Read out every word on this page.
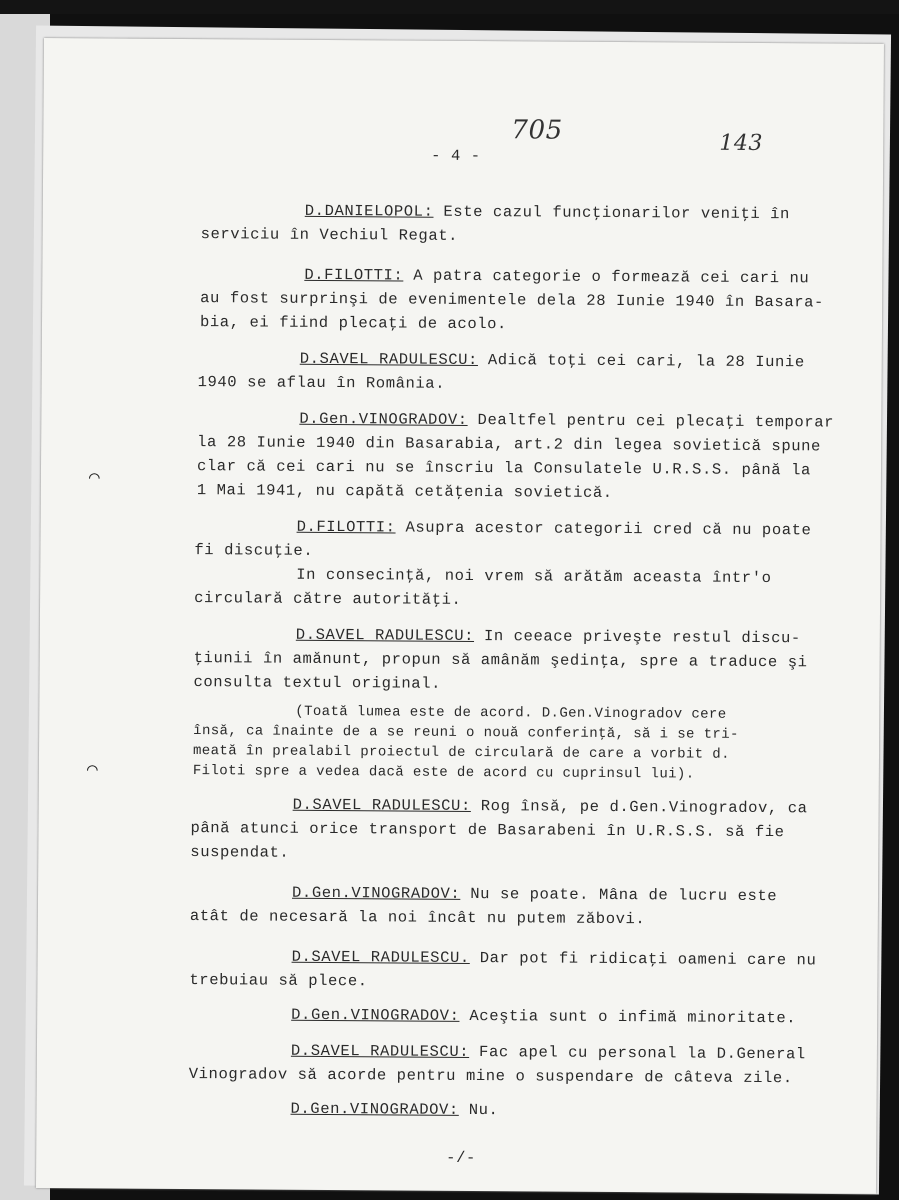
- 4 -
705	143
D.DANIELOPOL: Este cazul funcţionarilor veniţi în
serviciu în Vechiul Regat.
D.FILOTTI: A patra categorie o formează cei cari nu
au fost surprinşi de evenimentele dela 28 Iunie 1940 în Basara-
bia, ei fiind plecaţi de acolo.
D.SAVEL RADULESCU: Adică toţi cei cari, la 28 Iunie
1940 se aflau în România.
D.Gen.VINOGRADOV: Dealtfel pentru cei plecaţi temporar
la 28 Iunie 1940 din Basarabia, art.2 din legea sovietică spune
clar că cei cari nu se înscriu la Consulatele U.R.S.S. până la
1 Mai 1941, nu capătă cetăţenia sovietică.
D.FILOTTI: Asupra acestor categorii cred că nu poate
fi discuţie.
In consecinţă, noi vrem să arătăm aceasta într'o
circulară către autorităţi.
D.SAVEL RADULESCU: In ceeace priveşte restul discu-
ţiunii în amănunt, propun să amânăm şedinţa, spre a traduce şi
consulta textul original.
(Toată lumea este de acord. D.Gen.Vinogradov cere
însă, ca înainte de a se reuni o nouă conferinţă, să i se tri-
meată în prealabil proiectul de circulară de care a vorbit d.
Filoti spre a vedea dacă este de acord cu cuprinsul lui).
D.SAVEL RADULESCU: Rog însă, pe d.Gen.Vinogradov, ca
până atunci orice transport de Basarabeni în U.R.S.S. să fie
suspendat.
D.Gen.VINOGRADOV: Nu se poate. Mâna de lucru este
atât de necesară la noi încât nu putem zăbovi.
D.SAVEL RADULESCU. Dar pot fi ridicaţi oameni care nu
trebuiau să plece.
D.Gen.VINOGRADOV: Aceştia sunt o infimă minoritate.
D.SAVEL RADULESCU: Fac apel cu personal la D.General
Vinogradov să acorde pentru mine o suspendare de câteva zile.
D.Gen.VINOGRADOV: Nu.
-/-
⌒
⌒
